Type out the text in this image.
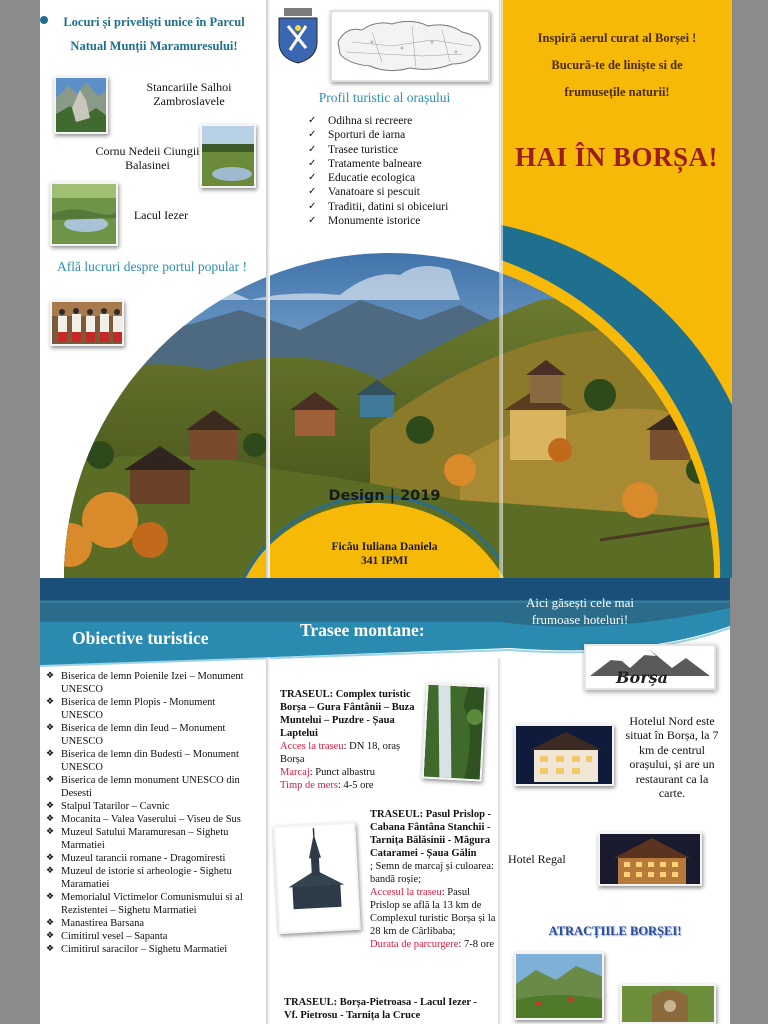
Inspiră aerul curat al Borșei !
Bucură-te de liniște si de
frumusețile naturii!
HAI ÎN BORȘA!
Locuri și priveliști unice în Parcul Natual Munții Maramuresului!
Stancariile Salhoi Zambroslavele
Cornu Nedeii Ciungii Balasinei
Lacul Iezer
Află lucruri despre portul popular !
Profil turistic al orașului
✓ Odihna si recreere
✓ Sporturi de iarna
✓ Trasee turistice
✓ Tratamente balneare
✓ Educatie ecologica
✓ Vanatoare si pescuit
✓ Traditii, datini si obiceiuri
✓ Monumente istorice
Design | 2019
Ficău Iuliana Daniela
341 IPMI
Obiective turistice	Trasee montane:
Aici găsești cele mai frumoase hoteluri!
❖ Biserica de lemn Poienile Izei – Monument UNESCO
❖ Biserica de lemn Plopis - Monument UNESCO
❖ Biserica de lemn din Ieud – Monument UNESCO
❖ Biserica de lemn din Budesti – Monument UNESCO
❖ Biserica de lemn monument UNESCO din Desesti
❖ Stalpul Tatarilor – Cavnic
❖ Mocanita – Valea Vaserului – Viseu de Sus
❖ Muzeul Satului Maramuresan – Sighetu Marmatiei
❖ Muzeul tarancii romane - Dragomiresti
❖ Muzeul de istorie si arheologie - Sighetu Maramatiei
❖ Memorialul Victimelor Comunismului si al Rezistentei – Sighetu Marmatiei
❖ Manastirea Barsana
❖ Cimitirul vesel – Sapanta
❖ Cimitirul saracilor – Sighetu Marmatiei
TRASEUL: Complex turistic Borșa – Gura Fântânii – Buza Muntelui – Puzdre - Șaua Laptelui
Acces la traseu: DN 18, oraș Borșa
Marcaj: Punct albastru
Timp de mers: 4-5 ore
TRASEUL: Pasul Prislop - Cabana Fântâna Stanchii - Tarnița Bălăsinii - Măgura Cataramei - Șaua Gălin
; Semn de marcaj și culoarea: bandă roșie;
Accesul la traseu: Pasul Prislop se află la 13 km de Complexul turistic Borșa și la 28 km de Cârlibaba;
Durata de parcurgere: 7-8 ore
TRASEUL: Borșa-Pietroasa - Lacul Iezer -Vf. Pietrosu - Tarnița la Cruce
Borșa
Hotelul Nord este situat în Borșa, la 7 km de centrul orașului, și are un restaurant ca la carte.
Hotel Regal
ATRACȚIILE BORȘEI!
